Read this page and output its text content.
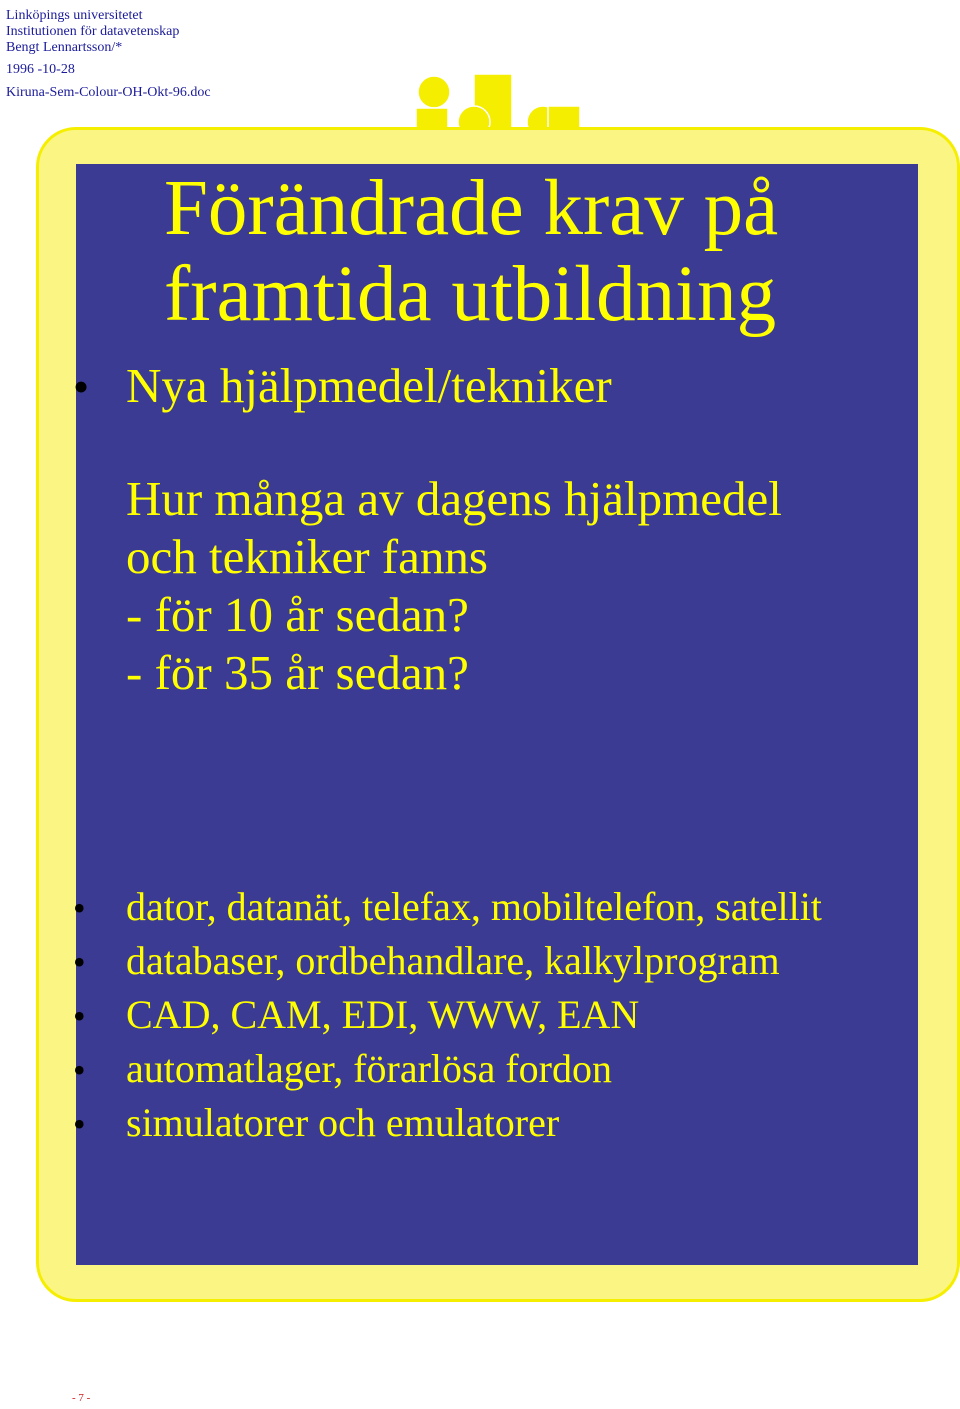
Linköpings universitetet
Institutionen för datavetenskap
Bengt Lennartsson/*
1996 -10-28
Kiruna-Sem-Colour-OH-Okt-96.doc
Förändrade krav på
framtida utbildning
• Nya hjälpmedel/tekniker
Hur många av dagens hjälpmedel
och tekniker fanns
- för 10 år sedan?
- för 35 år sedan?
• dator, datanät, telefax, mobiltelefon, satellit
• databaser, ordbehandlare, kalkylprogram
• CAD, CAM, EDI, WWW, EAN
• automatlager, förarlösa fordon
• simulatorer och emulatorer
- 7 -
